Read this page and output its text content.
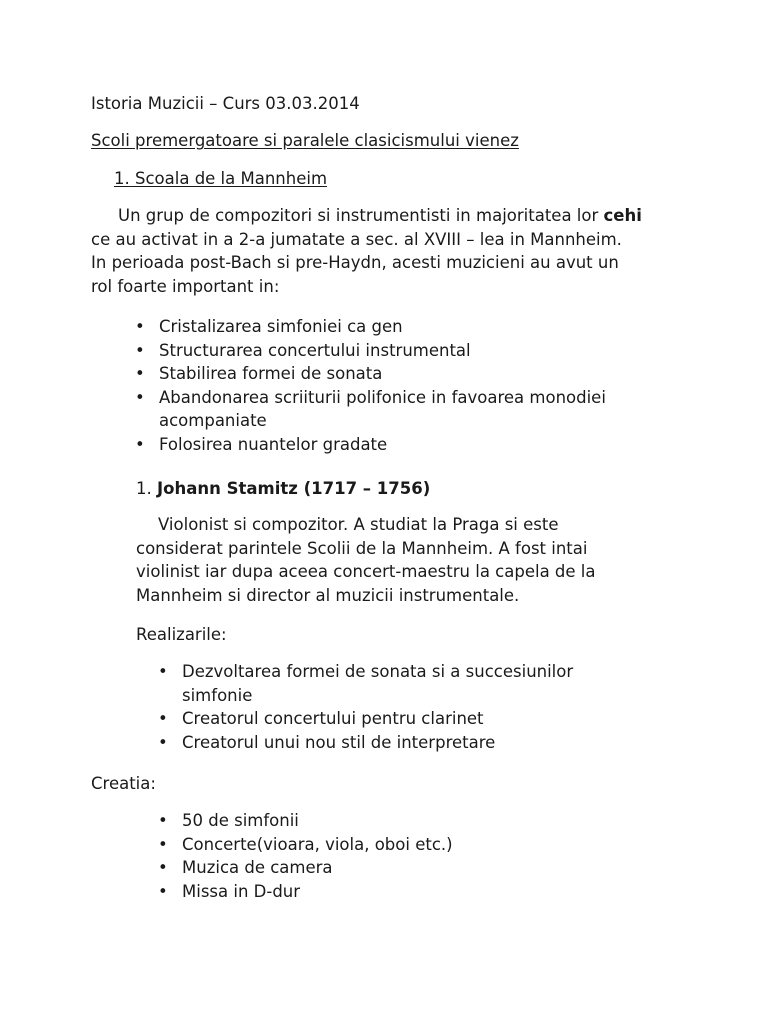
Istoria Muzicii – Curs 03.03.2014

Scoli premergatoare si paralele clasicismului vienez

1. Scoala de la Mannheim

Un grup de compozitori si instrumentisti in majoritatea lor cehi
ce au activat in a 2-a jumatate a sec. al XVIII – lea in Mannheim.
In perioada post-Bach si pre-Haydn, acesti muzicieni au avut un
rol foarte important in:
• Cristalizarea simfoniei ca gen
• Structurarea concertului instrumental
• Stabilirea formei de sonata
• Abandonarea scriiturii polifonice in favoarea monodiei acompaniate
• Folosirea nuantelor gradate

1. Johann Stamitz (1717 – 1756)

Violonist si compozitor. A studiat la Praga si este
considerat parintele Scolii de la Mannheim. A fost intai
violinist iar dupa aceea concert-maestru la capela de la
Mannheim si director al muzicii instrumentale.

Realizarile:

• Dezvoltarea formei de sonata si a succesiunilor simfonie
• Creatorul concertului pentru clarinet
• Creatorul unui nou stil de interpretare

Creatia:

• 50 de simfonii
• Concerte(vioara, viola, oboi etc.)
• Muzica de camera
• Missa in D-dur
